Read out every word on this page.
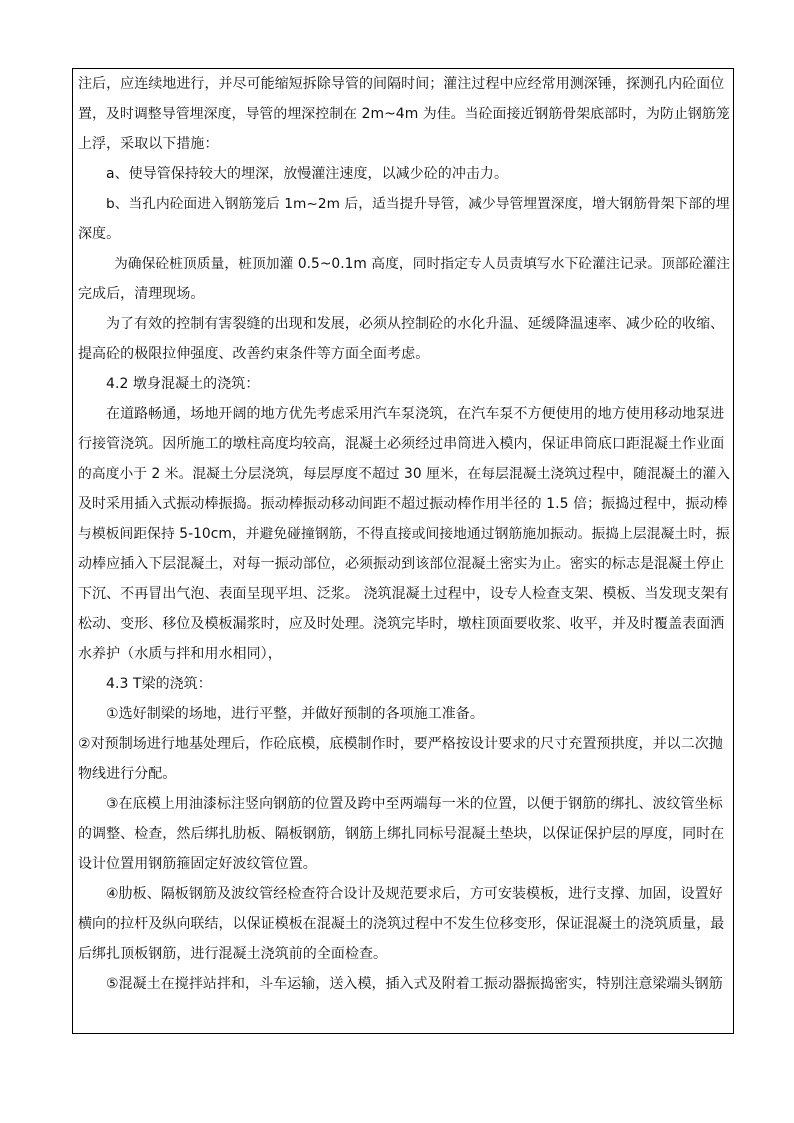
注后，应连续地进行，并尽可能缩短拆除导管的间隔时间；灌注过程中应经常用测深锤，探测孔内砼面位
置，及时调整导管埋深度，导管的埋深控制在 2m~4m 为佳。当砼面接近钢筋骨架底部时，为防止钢筋笼
上浮，采取以下措施：
a、使导管保持较大的埋深，放慢灌注速度，以减少砼的冲击力。
b、当孔内砼面进入钢筋笼后 1m~2m 后，适当提升导管，减少导管埋置深度，增大钢筋骨架下部的埋
深度。
为确保砼桩顶质量，桩顶加灌 0.5~0.1m 高度，同时指定专人员责填写水下砼灌注记录。顶部砼灌注
完成后，清理现场。
为了有效的控制有害裂缝的出现和发展，必须从控制砼的水化升温、延缓降温速率、减少砼的收缩、
提高砼的极限拉伸强度、改善约束条件等方面全面考虑。
4.2 墩身混凝土的浇筑：
在道路畅通，场地开阔的地方优先考虑采用汽车泵浇筑，在汽车泵不方便使用的地方使用移动地泵进
行接管浇筑。因所施工的墩柱高度均较高，混凝土必须经过串筒进入模内，保证串筒底口距混凝土作业面
的高度小于 2 米。混凝土分层浇筑，每层厚度不超过 30 厘米，在每层混凝土浇筑过程中，随混凝土的灌入
及时采用插入式振动棒振捣。振动棒振动移动间距不超过振动棒作用半径的 1.5 倍；振捣过程中，振动棒
与模板间距保持 5-10cm，并避免碰撞钢筋，不得直接或间接地通过钢筋施加振动。振捣上层混凝土时，振
动棒应插入下层混凝土，对每一振动部位，必须振动到该部位混凝土密实为止。密实的标志是混凝土停止
下沉、不再冒出气泡、表面呈现平坦、泛浆。 浇筑混凝土过程中，设专人检查支架、模板、当发现支架有
松动、变形、移位及模板漏浆时，应及时处理。浇筑完毕时，墩柱顶面要收浆、收平，并及时覆盖表面洒
水养护（水质与拌和用水相同），
4.3 T梁的浇筑：
①选好制梁的场地，进行平整，并做好预制的各项施工准备。
②对预制场进行地基处理后，作砼底模，底模制作时，要严格按设计要求的尺寸充置预拱度，并以二次抛
物线进行分配。
③在底模上用油漆标注竖向钢筋的位置及跨中至两端每一米的位置，以便于钢筋的绑扎、波纹管坐标
的调整、检查，然后绑扎肋板、隔板钢筋，钢筋上绑扎同标号混凝土垫块，以保证保护层的厚度，同时在
设计位置用钢筋箍固定好波纹管位置。
④肋板、隔板钢筋及波纹管经检查符合设计及规范要求后，方可安装模板，进行支撑、加固，设置好
横向的拉杆及纵向联结，以保证模板在混凝土的浇筑过程中不发生位移变形，保证混凝土的浇筑质量，最
后绑扎顶板钢筋，进行混凝土浇筑前的全面检查。
⑤混凝土在搅拌站拌和，斗车运输，送入模，插入式及附着工振动器振捣密实，特别注意梁端头钢筋
